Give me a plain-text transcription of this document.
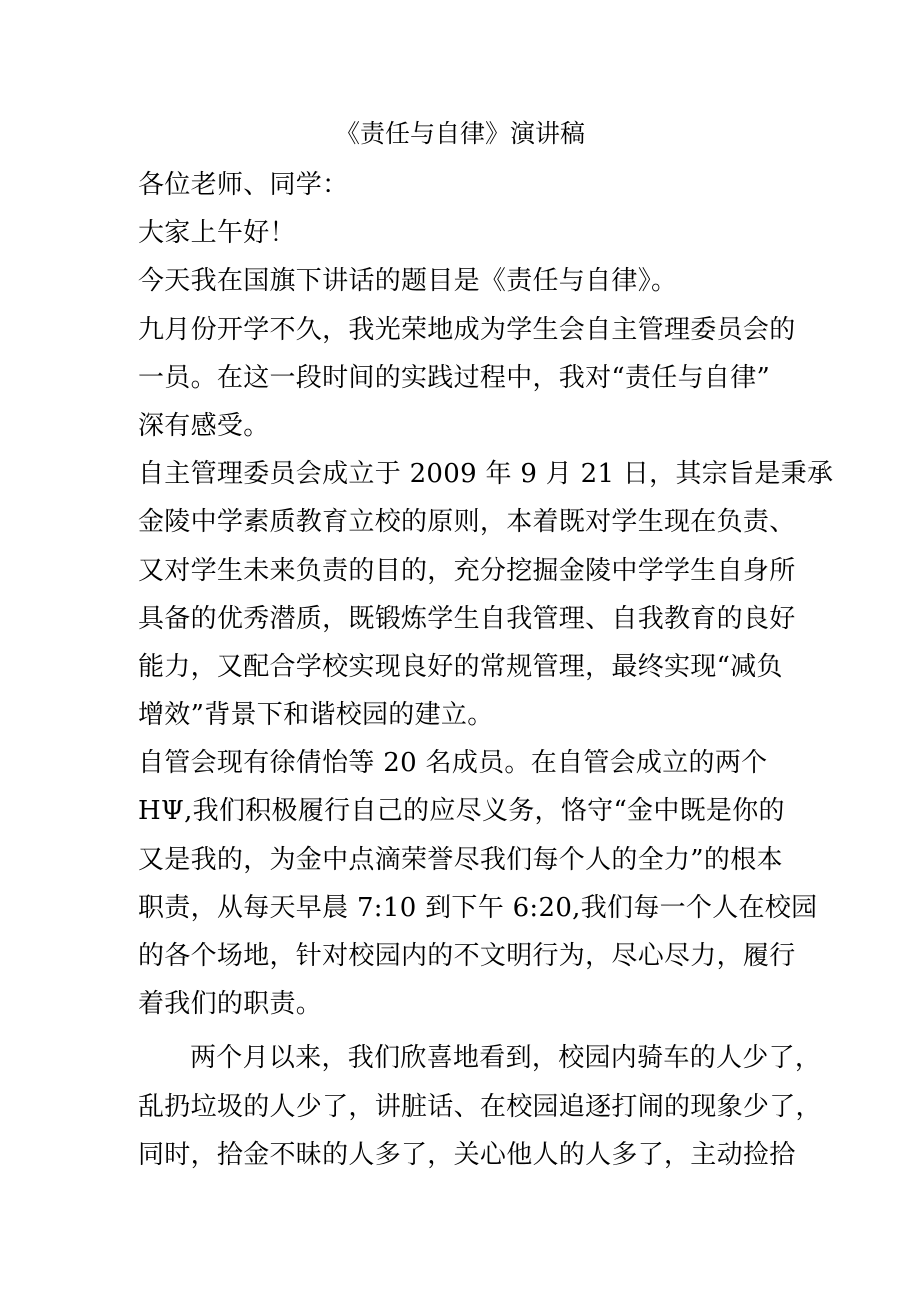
《责任与自律》演讲稿
各位老师、同学：
大家上午好！
今天我在国旗下讲话的题目是《责任与自律》。
九月份开学不久，我光荣地成为学生会自主管理委员会的
一员。在这一段时间的实践过程中，我对“责任与自律”
深有感受。
自主管理委员会成立于 2009 年 9 月 21 日，其宗旨是秉承
金陵中学素质教育立校的原则，本着既对学生现在负责、
又对学生未来负责的目的，充分挖掘金陵中学学生自身所
具备的优秀潜质，既锻炼学生自我管理、自我教育的良好
能力，又配合学校实现良好的常规管理，最终实现“减负
增效”背景下和谐校园的建立。
自管会现有徐倩怡等 20 名成员。在自管会成立的两个
HΨ,我们积极履行自己的应尽义务，恪守“金中既是你的
又是我的，为金中点滴荣誉尽我们每个人的全力”的根本
职责，从每天早晨 7:10 到下午 6:20,我们每一个人在校园
的各个场地，针对校园内的不文明行为，尽心尽力，履行
着我们的职责。
两个月以来，我们欣喜地看到，校园内骑车的人少了，
乱扔垃圾的人少了，讲脏话、在校园追逐打闹的现象少了，
同时，拾金不昧的人多了，关心他人的人多了，主动捡拾
